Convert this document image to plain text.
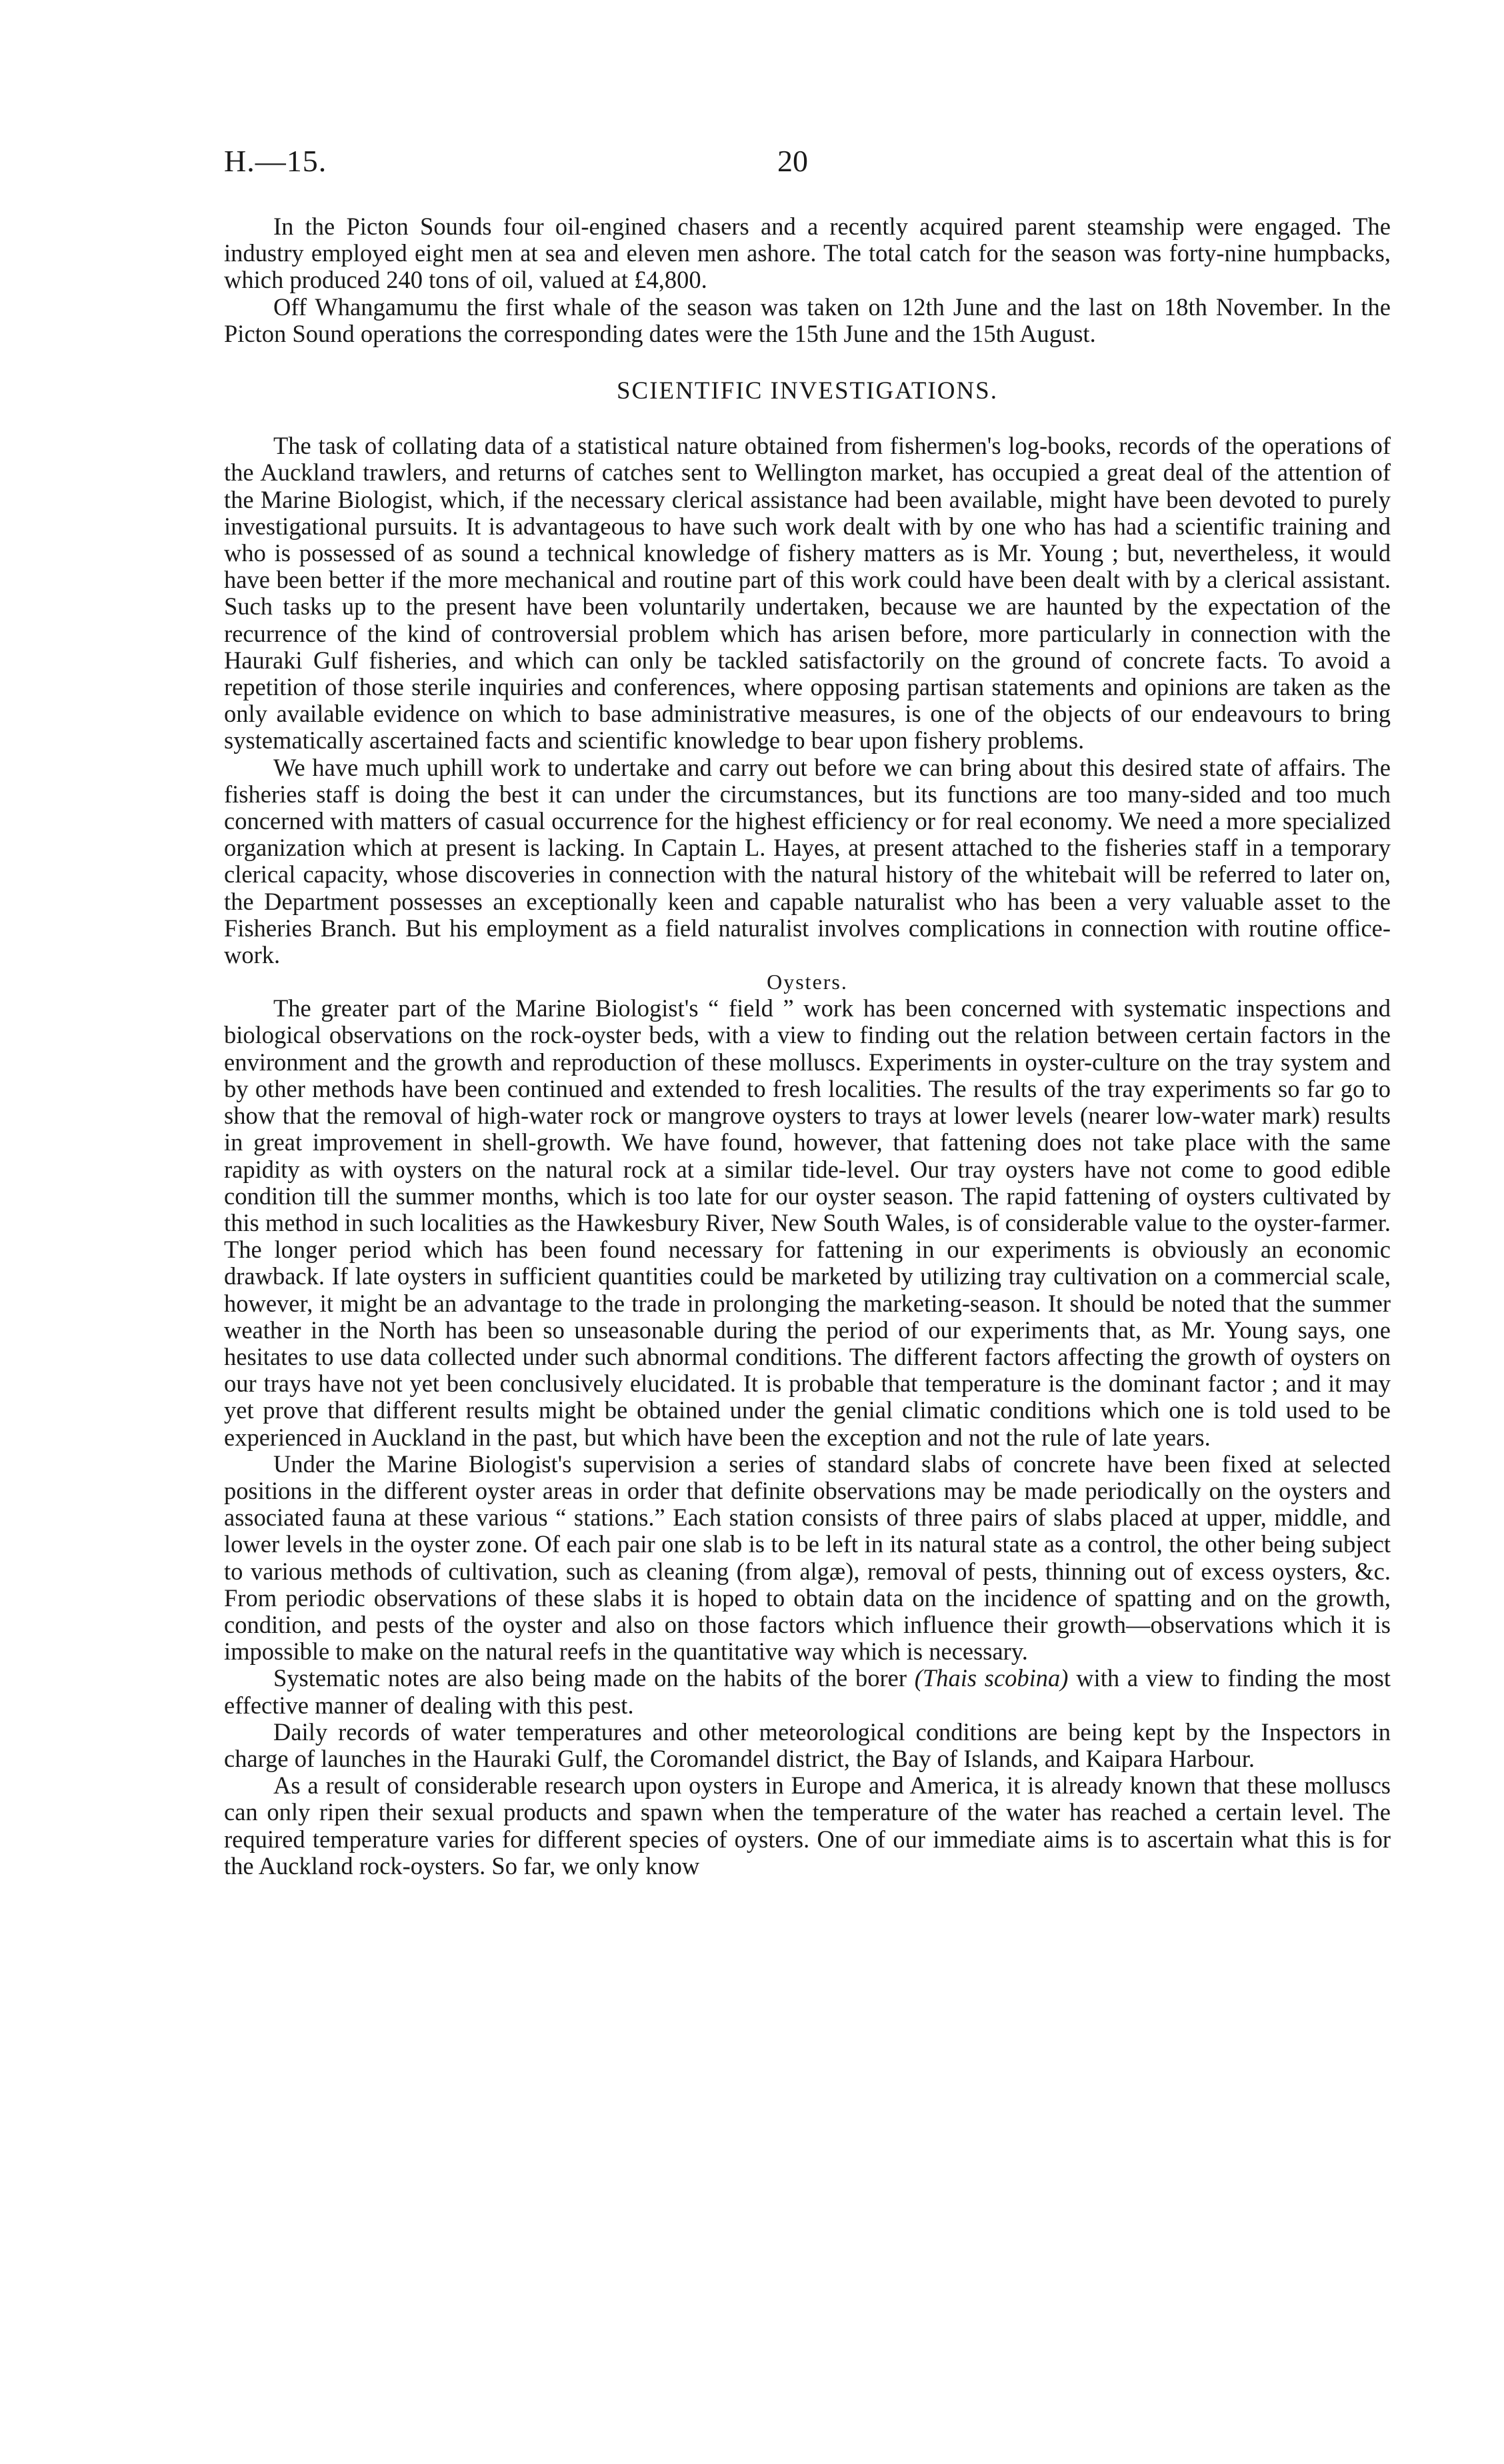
H.—15.	20

In the Picton Sounds four oil-engined chasers and a recently acquired parent steamship were engaged. The industry employed eight men at sea and eleven men ashore. The total catch for the season was forty-nine humpbacks, which produced 240 tons of oil, valued at £4,800.

Off Whangamumu the first whale of the season was taken on 12th June and the last on 18th November. In the Picton Sound operations the corresponding dates were the 15th June and the 15th August.

SCIENTIFIC INVESTIGATIONS.

The task of collating data of a statistical nature obtained from fishermen's log-books, records of the operations of the Auckland trawlers, and returns of catches sent to Wellington market, has occupied a great deal of the attention of the Marine Biologist, which, if the necessary clerical assistance had been available, might have been devoted to purely investigational pursuits. It is advantageous to have such work dealt with by one who has had a scientific training and who is possessed of as sound a technical knowledge of fishery matters as is Mr. Young ; but, nevertheless, it would have been better if the more mechanical and routine part of this work could have been dealt with by a clerical assistant. Such tasks up to the present have been voluntarily undertaken, because we are haunted by the expectation of the recurrence of the kind of controversial problem which has arisen before, more particularly in connection with the Hauraki Gulf fisheries, and which can only be tackled satisfactorily on the ground of concrete facts. To avoid a repetition of those sterile inquiries and conferences, where opposing partisan statements and opinions are taken as the only available evidence on which to base administrative measures, is one of the objects of our endeavours to bring systematically ascertained facts and scientific knowledge to bear upon fishery problems.

We have much uphill work to undertake and carry out before we can bring about this desired state of affairs. The fisheries staff is doing the best it can under the circumstances, but its functions are too many-sided and too much concerned with matters of casual occurrence for the highest efficiency or for real economy. We need a more specialized organization which at present is lacking. In Captain L. Hayes, at present attached to the fisheries staff in a temporary clerical capacity, whose discoveries in connection with the natural history of the whitebait will be referred to later on, the Department possesses an exceptionally keen and capable naturalist who has been a very valuable asset to the Fisheries Branch. But his employment as a field naturalist involves complications in connection with routine office-work.

Oysters.

The greater part of the Marine Biologist's “ field ” work has been concerned with systematic inspections and biological observations on the rock-oyster beds, with a view to finding out the relation between certain factors in the environment and the growth and reproduction of these molluscs. Experiments in oyster-culture on the tray system and by other methods have been continued and extended to fresh localities. The results of the tray experiments so far go to show that the removal of high-water rock or mangrove oysters to trays at lower levels (nearer low-water mark) results in great improvement in shell-growth. We have found, however, that fattening does not take place with the same rapidity as with oysters on the natural rock at a similar tide-level. Our tray oysters have not come to good edible condition till the summer months, which is too late for our oyster season. The rapid fattening of oysters cultivated by this method in such localities as the Hawkesbury River, New South Wales, is of considerable value to the oyster-farmer. The longer period which has been found necessary for fattening in our experiments is obviously an economic drawback. If late oysters in sufficient quantities could be marketed by utilizing tray cultivation on a commercial scale, however, it might be an advantage to the trade in prolonging the marketing-season. It should be noted that the summer weather in the North has been so unseasonable during the period of our experiments that, as Mr. Young says, one hesitates to use data collected under such abnormal conditions. The different factors affecting the growth of oysters on our trays have not yet been conclusively elucidated. It is probable that temperature is the dominant factor ; and it may yet prove that different results might be obtained under the genial climatic conditions which one is told used to be experienced in Auckland in the past, but which have been the exception and not the rule of late years.

Under the Marine Biologist's supervision a series of standard slabs of concrete have been fixed at selected positions in the different oyster areas in order that definite observations may be made periodically on the oysters and associated fauna at these various “ stations.” Each station consists of three pairs of slabs placed at upper, middle, and lower levels in the oyster zone. Of each pair one slab is to be left in its natural state as a control, the other being subject to various methods of cultivation, such as cleaning (from algæ), removal of pests, thinning out of excess oysters, &c. From periodic observations of these slabs it is hoped to obtain data on the incidence of spatting and on the growth, condition, and pests of the oyster and also on those factors which influence their growth—observations which it is impossible to make on the natural reefs in the quantitative way which is necessary.

Systematic notes are also being made on the habits of the borer (Thais scobina) with a view to finding the most effective manner of dealing with this pest.

Daily records of water temperatures and other meteorological conditions are being kept by the Inspectors in charge of launches in the Hauraki Gulf, the Coromandel district, the Bay of Islands, and Kaipara Harbour.

As a result of considerable research upon oysters in Europe and America, it is already known that these molluscs can only ripen their sexual products and spawn when the temperature of the water has reached a certain level. The required temperature varies for different species of oysters. One of our immediate aims is to ascertain what this is for the Auckland rock-oysters. So far, we only know
